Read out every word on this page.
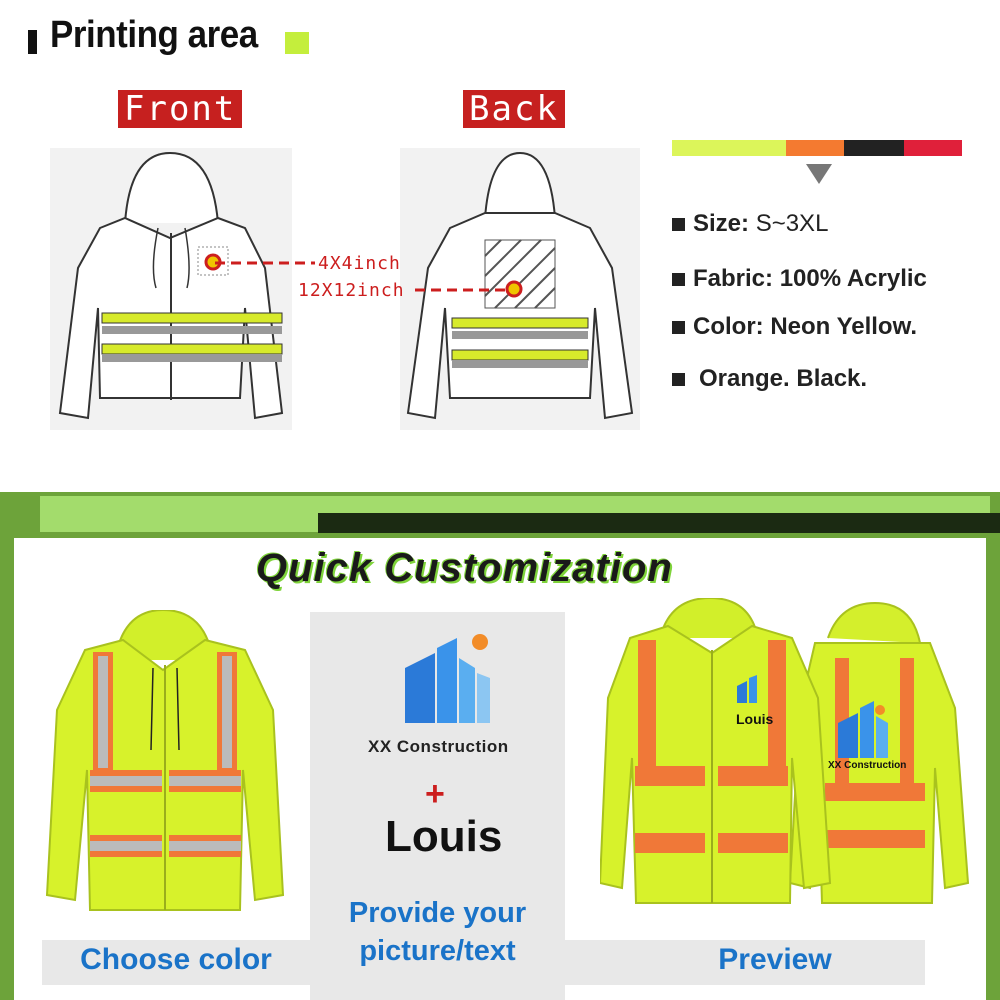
Printing area
Front	Back
4X4inch
12X12inch
Size:
S~3XL
Fabric:
100% Acrylic
Color:
Neon Yellow.
Orange. Black.
Quick Customization
XX Construction
+
Louis
Provide your
picture/text
Louis
XX Construction
Choose color	Preview
